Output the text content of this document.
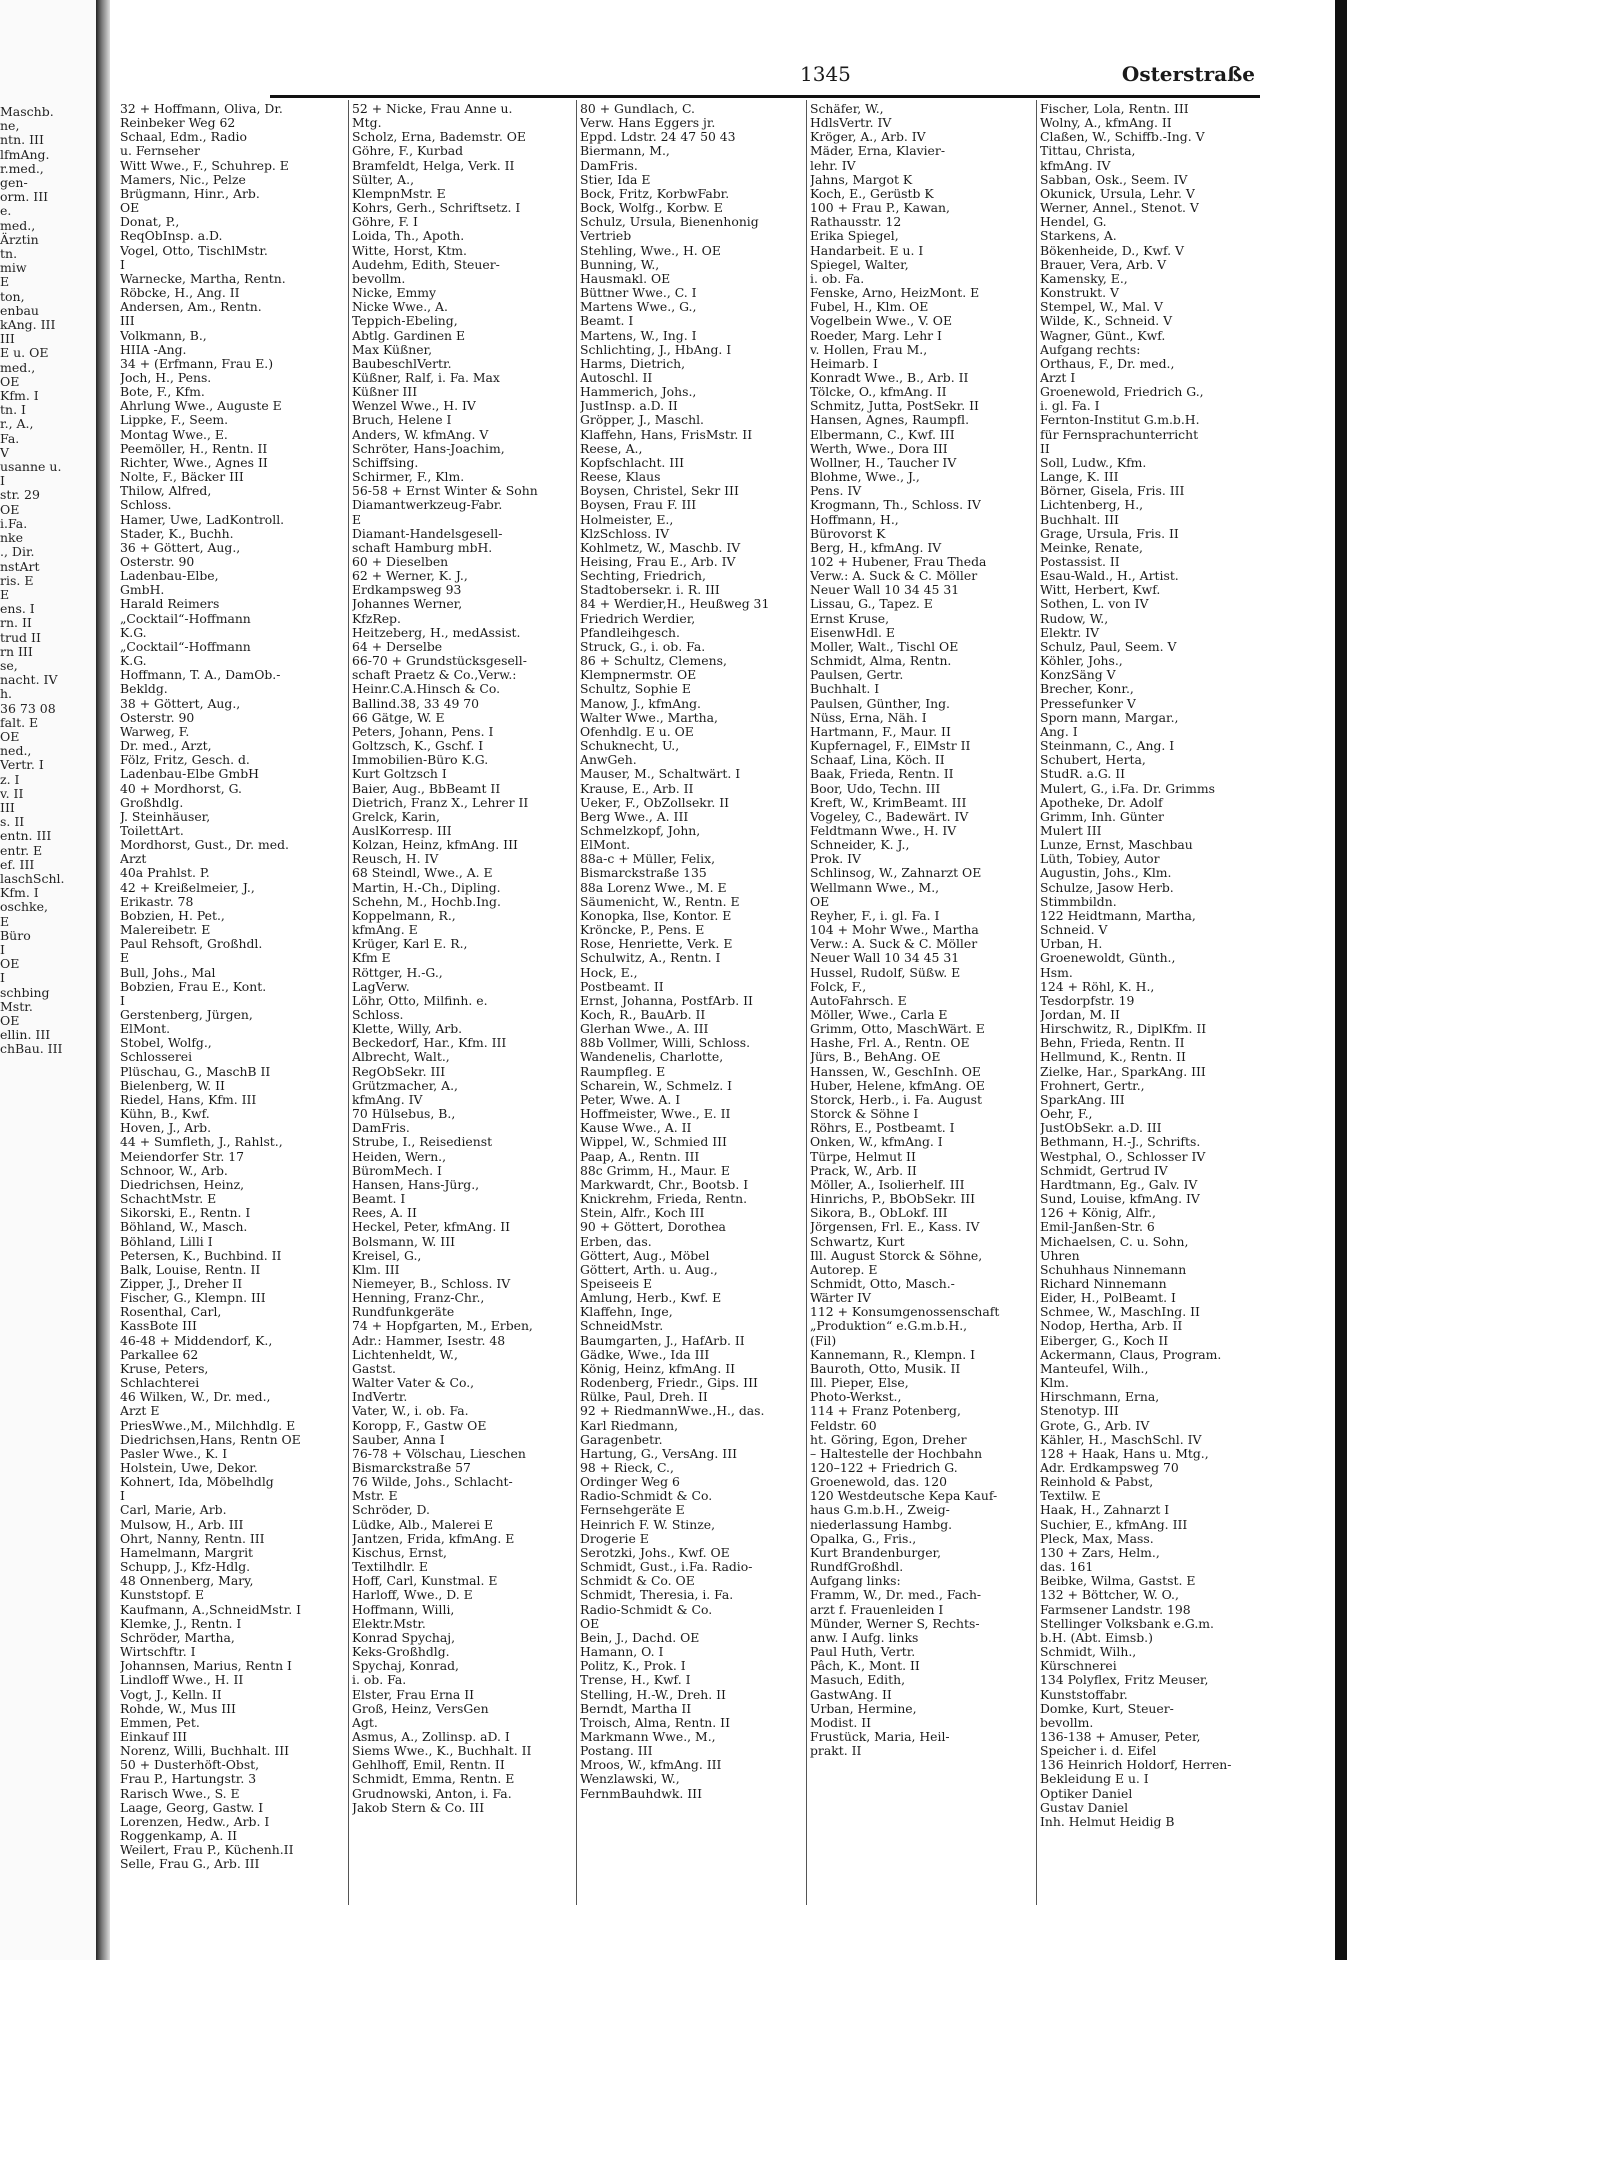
Maschb.
ne,
ntn. III
lfmAng.
r.med.,
gen-
orm. III
e.
med.,
Ärztin
tn.
miw
E
ton,
enbau
kAng. III
III
E u. OE
med.,
OE
Kfm. I
tn. I
r., A.,
Fa.
V
usanne u.
I
str. 29
OE
i.Fa.
nke
., Dir.
nstArt
ris. E
E
ens. I
rn. II
trud II
rn III
se,
nacht. IV
h.
36 73 08
falt. E
OE
ned.,
Vertr. I
z. I
v. II
III
s. II
entn. III
entr. E
ef. III
laschSchl.
Kfm. I
oschke,
E
Büro
I
OE
I
schbing
Mstr.
OE
ellin. III
chBau. III
1345	Osterstraße
32 + Hoffmann, Oliva, Dr.
Reinbeker Weg 62
Schaal, Edm., Radio
u. Fernseher
Witt Wwe., F., Schuhrep. E
Mamers, Nic., Pelze
Brügmann, Hinr., Arb.
OE
Donat, P.,
ReqObInsp. a.D.
Vogel, Otto, TischlMstr.
I
Warnecke, Martha, Rentn.
Röbcke, H., Ang. II
Andersen, Am., Rentn.
III
Volkmann, B.,
HIIA -Ang.
34 + (Erfmann, Frau E.)
Joch, H., Pens.
Bote, F., Kfm.
Ahrlung Wwe., Auguste E
Lippke, F., Seem.
Montag Wwe., E.
Peemöller, H., Rentn. II
Richter, Wwe., Agnes II
Nolte, F., Bäcker III
Thilow, Alfred,
Schloss.
Hamer, Uwe, LadKontroll.
Stader, K., Buchh.
36 + Göttert, Aug.,
Osterstr. 90
Ladenbau-Elbe,
GmbH.
Harald Reimers
„Cocktail“-Hoffmann
K.G.
„Cocktail“-Hoffmann
K.G.
Hoffmann, T. A., DamOb.-
Bekldg.
38 + Göttert, Aug.,
Osterstr. 90
Warweg, F.
Dr. med., Arzt,
Fölz, Fritz, Gesch. d.
Ladenbau-Elbe GmbH
40 + Mordhorst, G.
Großhdlg.
J. Steinhäuser,
ToilettArt.
Mordhorst, Gust., Dr. med.
Arzt
40a Prahlst. P.
42 + Kreißelmeier, J.,
Erikastr. 78
Bobzien, H. Pet.,
Malereibetr. E
Paul Rehsoft, Großhdl.
E
Bull, Johs., Mal
Bobzien, Frau E., Kont.
I
Gerstenberg, Jürgen,
ElMont.
Stobel, Wolfg.,
Schlosserei
Plüschau, G., MaschB II
Bielenberg, W. II
Riedel, Hans, Kfm. III
Kühn, B., Kwf.
Hoven, J., Arb.
44 + Sumfleth, J., Rahlst.,
Meiendorfer Str. 17
Schnoor, W., Arb.
Diedrichsen, Heinz,
SchachtMstr. E
Sikorski, E., Rentn. I
Böhland, W., Masch.
Böhland, Lilli I
Petersen, K., Buchbind. II
Balk, Louise, Rentn. II
Zipper, J., Dreher II
Fischer, G., Klempn. III
Rosenthal, Carl,
KassBote III
46-48 + Middendorf, K.,
Parkallee 62
Kruse, Peters,
Schlachterei
46 Wilken, W., Dr. med.,
Arzt E
PriesWwe.,M., Milchhdlg. E
Diedrichsen,Hans, Rentn OE
Pasler Wwe., K. I
Holstein, Uwe, Dekor.
Kohnert, Ida, Möbelhdlg
I
Carl, Marie, Arb.
Mulsow, H., Arb. III
Ohrt, Nanny, Rentn. III
Hamelmann, Margrit
Schupp, J., Kfz-Hdlg.
48 Onnenberg, Mary,
Kunststopf. E
Kaufmann, A.,SchneidMstr. I
Klemke, J., Rentn. I
Schröder, Martha,
Wirtschftr. I
Johannsen, Marius, Rentn I
Lindloff Wwe., H. II
Vogt, J., Kelln. II
Rohde, W., Mus III
Emmen, Pet.
Einkauf III
Norenz, Willi, Buchhalt. III
50 + Dusterhöft-Obst,
Frau P., Hartungstr. 3
Rarisch Wwe., S. E
Laage, Georg, Gastw. I
Lorenzen, Hedw., Arb. I
Roggenkamp, A. II
Weilert, Frau P., Küchenh.II
Selle, Frau G., Arb. III
52 + Nicke, Frau Anne u.
Mtg.
Scholz, Erna, Bademstr. OE
Göhre, F., Kurbad
Bramfeldt, Helga, Verk. II
Sülter, A.,
KlempnMstr. E
Kohrs, Gerh., Schriftsetz. I
Göhre, F. I
Loida, Th., Apoth.
Witte, Horst, Ktm.
Audehm, Edith, Steuer-
bevollm.
Nicke, Emmy
Nicke Wwe., A.
Teppich-Ebeling,
Abtlg. Gardinen E
Max Küßner,
BaubeschlVertr.
Küßner, Ralf, i. Fa. Max
Küßner III
Wenzel Wwe., H. IV
Bruch, Helene I
Anders, W. kfmAng. V
Schröter, Hans-Joachim,
Schiffsing.
Schirmer, F., Klm.
56-58 + Ernst Winter & Sohn
Diamantwerkzeug-Fabr.
E
Diamant-Handelsgesell-
schaft Hamburg mbH.
60 + Dieselben
62 + Werner, K. J.,
Erdkampsweg 93
Johannes Werner,
KfzRep.
Heitzeberg, H., medAssist.
64 + Derselbe
66-70 + Grundstücksgesell-
schaft Praetz & Co.,Verw.:
Heinr.C.A.Hinsch & Co.
Ballind.38, 33 49 70
66 Gätge, W. E
Peters, Johann, Pens. I
Goltzsch, K., Gschf. I
Immobilien-Büro K.G.
Kurt Goltzsch I
Baier, Aug., BbBeamt II
Dietrich, Franz X., Lehrer II
Grelck, Karin,
AuslKorresp. III
Kolzan, Heinz, kfmAng. III
Reusch, H. IV
68 Steindl, Wwe., A. E
Martin, H.-Ch., Dipling.
Schehn, M., Hochb.Ing.
Koppelmann, R.,
kfmAng. E
Krüger, Karl E. R.,
Kfm E
Röttger, H.-G.,
LagVerw.
Löhr, Otto, Milfinh. e.
Schloss.
Klette, Willy, Arb.
Beckedorf, Har., Kfm. III
Albrecht, Walt.,
RegObSekr. III
Grützmacher, A.,
kfmAng. IV
70 Hülsebus, B.,
DamFris.
Strube, I., Reisedienst
Heiden, Wern.,
BüromMech. I
Hansen, Hans-Jürg.,
Beamt. I
Rees, A. II
Heckel, Peter, kfmAng. II
Bolsmann, W. III
Kreisel, G.,
Klm. III
Niemeyer, B., Schloss. IV
Henning, Franz-Chr.,
Rundfunkgeräte
74 + Hopfgarten, M., Erben,
Adr.: Hammer, Isestr. 48
Lichtenheldt, W.,
Gastst.
Walter Vater & Co.,
IndVertr.
Vater, W., i. ob. Fa.
Koropp, F., Gastw OE
Sauber, Anna I
76-78 + Völschau, Lieschen
Bismarckstraße 57
76 Wilde, Johs., Schlacht-
Mstr. E
Schröder, D.
Lüdke, Alb., Malerei E
Jantzen, Frida, kfmAng. E
Kischus, Ernst,
Textilhdlr. E
Hoff, Carl, Kunstmal. E
Harloff, Wwe., D. E
Hoffmann, Willi,
Elektr.Mstr.
Konrad Spychaj,
Keks-Großhdlg.
Spychaj, Konrad,
i. ob. Fa.
Elster, Frau Erna II
Groß, Heinz, VersGen
Agt.
Asmus, A., Zollinsp. aD. I
Siems Wwe., K., Buchhalt. II
Gehlhoff, Emil, Rentn. II
Schmidt, Emma, Rentn. E
Grudnowski, Anton, i. Fa.
Jakob Stern & Co. III
80 + Gundlach, C.
Verw. Hans Eggers jr.
Eppd. Ldstr. 24 47 50 43
Biermann, M.,
DamFris.
Stier, Ida E
Bock, Fritz, KorbwFabr.
Bock, Wolfg., Korbw. E
Schulz, Ursula, Bienenhonig
Vertrieb
Stehling, Wwe., H. OE
Bunning, W.,
Hausmakl. OE
Büttner Wwe., C. I
Martens Wwe., G.,
Beamt. I
Martens, W., Ing. I
Schlichting, J., HbAng. I
Harms, Dietrich,
Autoschl. II
Hammerich, Johs.,
JustInsp. a.D. II
Gröpper, J., Maschl.
Klaffehn, Hans, FrisMstr. II
Reese, A.,
Kopfschlacht. III
Reese, Klaus
Boysen, Christel, Sekr III
Boysen, Frau F. III
Holmeister, E.,
KlzSchloss. IV
Kohlmetz, W., Maschb. IV
Heising, Frau E., Arb. IV
Sechting, Friedrich,
Stadtobersekr. i. R. III
84 + Werdier,H., Heußweg 31
Friedrich Werdier,
Pfandleihgesch.
Struck, G., i. ob. Fa.
86 + Schultz, Clemens,
Klempnermstr. OE
Schultz, Sophie E
Manow, J., kfmAng.
Walter Wwe., Martha,
Ofenhdlg. E u. OE
Schuknecht, U.,
AnwGeh.
Mauser, M., Schaltwärt. I
Krause, E., Arb. II
Ueker, F., ObZollsekr. II
Berg Wwe., A. III
Schmelzkopf, John,
ElMont.
88a-c + Müller, Felix,
Bismarckstraße 135
88a Lorenz Wwe., M. E
Säumenicht, W., Rentn. E
Konopka, Ilse, Kontor. E
Kröncke, P., Pens. E
Rose, Henriette, Verk. E
Schulwitz, A., Rentn. I
Hock, E.,
Postbeamt. II
Ernst, Johanna, PostfArb. II
Koch, R., BauArb. II
Glerhan Wwe., A. III
88b Vollmer, Willi, Schloss.
Wandenelis, Charlotte,
Raumpfleg. E
Scharein, W., Schmelz. I
Peter, Wwe. A. I
Hoffmeister, Wwe., E. II
Kause Wwe., A. II
Wippel, W., Schmied III
Paap, A., Rentn. III
88c Grimm, H., Maur. E
Markwardt, Chr., Bootsb. I
Knickrehm, Frieda, Rentn.
Stein, Alfr., Koch III
90 + Göttert, Dorothea
Erben, das.
Göttert, Aug., Möbel
Göttert, Arth. u. Aug.,
Speiseeis E
Amlung, Herb., Kwf. E
Klaffehn, Inge,
SchneidMstr.
Baumgarten, J., HafArb. II
Gädke, Wwe., Ida III
König, Heinz, kfmAng. II
Rodenberg, Friedr., Gips. III
Rülke, Paul, Dreh. II
92 + RiedmannWwe.,H., das.
Karl Riedmann,
Garagenbetr.
Hartung, G., VersAng. III
98 + Rieck, C.,
Ordinger Weg 6
Radio-Schmidt & Co.
Fernsehgeräte E
Heinrich F. W. Stinze,
Drogerie E
Serotzki, Johs., Kwf. OE
Schmidt, Gust., i.Fa. Radio-
Schmidt & Co. OE
Schmidt, Theresia, i. Fa.
Radio-Schmidt & Co.
OE
Bein, J., Dachd. OE
Hamann, O. I
Politz, K., Prok. I
Trense, H., Kwf. I
Stelling, H.-W., Dreh. II
Berndt, Martha II
Troisch, Alma, Rentn. II
Markmann Wwe., M.,
Postang. III
Mroos, W., kfmAng. III
Wenzlawski, W.,
FernmBauhdwk. III
Schäfer, W.,
HdlsVertr. IV
Kröger, A., Arb. IV
Mäder, Erna, Klavier-
lehr. IV
Jahns, Margot K
Koch, E., Gerüstb K
100 + Frau P., Kawan,
Rathausstr. 12
Erika Spiegel,
Handarbeit. E u. I
Spiegel, Walter,
i. ob. Fa.
Fenske, Arno, HeizMont. E
Fubel, H., Klm. OE
Vogelbein Wwe., V. OE
Roeder, Marg. Lehr I
v. Hollen, Frau M.,
Heimarb. I
Konradt Wwe., B., Arb. II
Tölcke, O., kfmAng. II
Schmitz, Jutta, PostSekr. II
Hansen, Agnes, Raumpfl.
Elbermann, C., Kwf. III
Werth, Wwe., Dora III
Wollner, H., Taucher IV
Blohme, Wwe., J.,
Pens. IV
Krogmann, Th., Schloss. IV
Hoffmann, H.,
Bürovorst K
Berg, H., kfmAng. IV
102 + Hubener, Frau Theda
Verw.: A. Suck & C. Möller
Neuer Wall 10 34 45 31
Lissau, G., Tapez. E
Ernst Kruse,
EisenwHdl. E
Moller, Walt., Tischl OE
Schmidt, Alma, Rentn.
Paulsen, Gertr.
Buchhalt. I
Paulsen, Günther, Ing.
Nüss, Erna, Näh. I
Hartmann, F., Maur. II
Kupfernagel, F., ElMstr II
Schaaf, Lina, Köch. II
Baak, Frieda, Rentn. II
Boor, Udo, Techn. III
Kreft, W., KrimBeamt. III
Vogeley, C., Badewärt. IV
Feldtmann Wwe., H. IV
Schneider, K. J.,
Prok. IV
Schlinsog, W., Zahnarzt OE
Wellmann Wwe., M.,
OE
Reyher, F., i. gl. Fa. I
104 + Mohr Wwe., Martha
Verw.: A. Suck & C. Möller
Neuer Wall 10 34 45 31
Hussel, Rudolf, Süßw. E
Folck, F.,
AutoFahrsch. E
Möller, Wwe., Carla E
Grimm, Otto, MaschWärt. E
Hashe, Frl. A., Rentn. OE
Jürs, B., BehAng. OE
Hanssen, W., GeschInh. OE
Huber, Helene, kfmAng. OE
Storck, Herb., i. Fa. August
Storck & Söhne I
Röhrs, E., Postbeamt. I
Onken, W., kfmAng. I
Türpe, Helmut II
Prack, W., Arb. II
Möller, A., Isolierhelf. III
Hinrichs, P., BbObSekr. III
Sikora, B., ObLokf. III
Jörgensen, Frl. E., Kass. IV
Schwartz, Kurt
Ill. August Storck & Söhne,
Autorep. E
Schmidt, Otto, Masch.-
Wärter IV
112 + Konsumgenossenschaft
„Produktion“ e.G.m.b.H.,
(Fil)
Kannemann, R., Klempn. I
Bauroth, Otto, Musik. II
Ill. Pieper, Else,
Photo-Werkst.,
114 + Franz Potenberg,
Feldstr. 60
ht. Göring, Egon, Dreher
– Haltestelle der Hochbahn
120–122 + Friedrich G.
Groenewold, das. 120
120 Westdeutsche Kepa Kauf-
haus G.m.b.H., Zweig-
niederlassung Hambg.
Opalka, G., Fris.,
Kurt Brandenburger,
RundfGroßhdl.
Aufgang links:
Framm, W., Dr. med., Fach-
arzt f. Frauenleiden I
Münder, Werner S, Rechts-
anw. I Aufg. links
Paul Huth, Vertr.
Pâch, K., Mont. II
Masuch, Edith,
GastwAng. II
Urban, Hermine,
Modist. II
Frustück, Maria, Heil-
prakt. II
Fischer, Lola, Rentn. III
Wolny, A., kfmAng. II
Claßen, W., Schiffb.-Ing. V
Tittau, Christa,
kfmAng. IV
Sabban, Osk., Seem. IV
Okunick, Ursula, Lehr. V
Werner, Annel., Stenot. V
Hendel, G.
Starkens, A.
Bökenheide, D., Kwf. V
Brauer, Vera, Arb. V
Kamensky, E.,
Konstrukt. V
Stempel, W., Mal. V
Wilde, K., Schneid. V
Wagner, Günt., Kwf.
Aufgang rechts:
Orthaus, F., Dr. med.,
Arzt I
Groenewold, Friedrich G.,
i. gl. Fa. I
Fernton-Institut G.m.b.H.
für Fernsprachunterricht
II
Soll, Ludw., Kfm.
Lange, K. III
Börner, Gisela, Fris. III
Lichtenberg, H.,
Buchhalt. III
Grage, Ursula, Fris. II
Meinke, Renate,
Postassist. II
Esau-Wald., H., Artist.
Witt, Herbert, Kwf.
Sothen, L. von IV
Rudow, W.,
Elektr. IV
Schulz, Paul, Seem. V
Köhler, Johs.,
KonzSäng V
Brecher, Konr.,
Pressefunker V
Sporn mann, Margar.,
Ang. I
Steinmann, C., Ang. I
Schubert, Herta,
StudR. a.G. II
Mulert, G., i.Fa. Dr. Grimms
Apotheke, Dr. Adolf
Grimm, Inh. Günter
Mulert III
Lunze, Ernst, Maschbau
Lüth, Tobiey, Autor
Augustin, Johs., Klm.
Schulze, Jasow Herb.
Stimmbildn.
122 Heidtmann, Martha,
Schneid. V
Urban, H.
Groenewoldt, Günth.,
Hsm.
124 + Röhl, K. H.,
Tesdorpfstr. 19
Jordan, M. II
Hirschwitz, R., DiplKfm. II
Behn, Frieda, Rentn. II
Hellmund, K., Rentn. II
Zielke, Har., SparkAng. III
Frohnert, Gertr.,
SparkAng. III
Oehr, F.,
JustObSekr. a.D. III
Bethmann, H.-J., Schrifts.
Westphal, O., Schlosser IV
Schmidt, Gertrud IV
Hardtmann, Eg., Galv. IV
Sund, Louise, kfmAng. IV
126 + König, Alfr.,
Emil-Janßen-Str. 6
Michaelsen, C. u. Sohn,
Uhren
Schuhhaus Ninnemann
Richard Ninnemann
Eider, H., PolBeamt. I
Schmee, W., MaschIng. II
Nodop, Hertha, Arb. II
Eiberger, G., Koch II
Ackermann, Claus, Program.
Manteufel, Wilh.,
Klm.
Hirschmann, Erna,
Stenotyp. III
Grote, G., Arb. IV
Kähler, H., MaschSchl. IV
128 + Haak, Hans u. Mtg.,
Adr. Erdkampsweg 70
Reinhold & Pabst,
Textilw. E
Haak, H., Zahnarzt I
Suchier, E., kfmAng. III
Pleck, Max, Mass.
130 + Zars, Helm.,
das. 161
Beibke, Wilma, Gastst. E
132 + Böttcher, W. O.,
Farmsener Landstr. 198
Stellinger Volksbank e.G.m.
b.H. (Abt. Eimsb.)
Schmidt, Wilh.,
Kürschnerei
134 Polyflex, Fritz Meuser,
Kunststoffabr.
Domke, Kurt, Steuer-
bevollm.
136-138 + Amuser, Peter,
Speicher i. d. Eifel
136 Heinrich Holdorf, Herren-
Bekleidung E u. I
Optiker Daniel
Gustav Daniel
Inh. Helmut Heidig B
